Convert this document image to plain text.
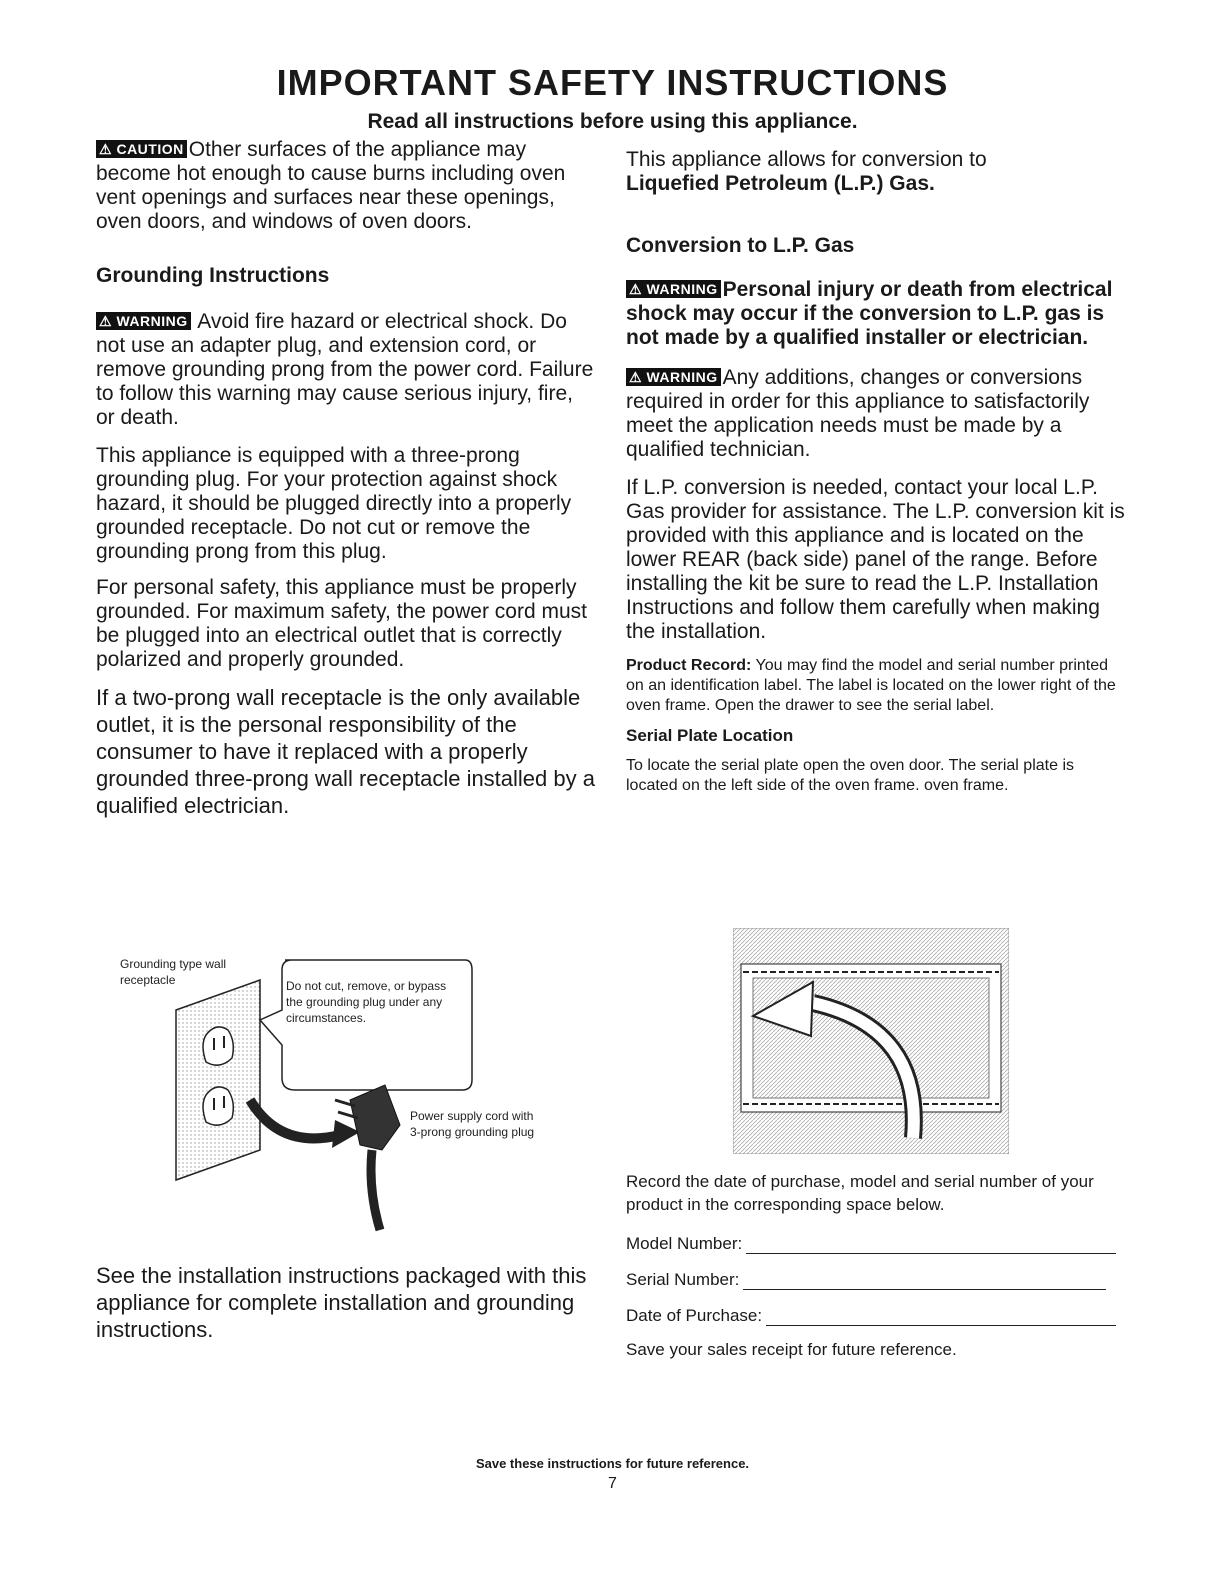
IMPORTANT SAFETY INSTRUCTIONS
Read all instructions before using this appliance.

⚠ CAUTION Other surfaces of the appliance may become hot enough to cause burns including oven vent openings and surfaces near these openings, oven doors, and windows of oven doors.

Grounding Instructions

⚠ WARNING Avoid fire hazard or electrical shock. Do not use an adapter plug, and extension cord, or remove grounding prong from the power cord. Failure to follow this warning may cause serious injury, fire, or death.

This appliance is equipped with a three-prong grounding plug. For your protection against shock hazard, it should be plugged directly into a properly grounded receptacle. Do not cut or remove the grounding prong from this plug.

For personal safety, this appliance must be properly grounded. For maximum safety, the power cord must be plugged into an electrical outlet that is correctly polarized and properly grounded.

If a two-prong wall receptacle is the only available outlet, it is the personal responsibility of the consumer to have it replaced with a properly grounded three-prong wall receptacle installed by a qualified electrician.

Grounding type wall receptacle	Do not cut, remove, or bypass the grounding plug under any circumstances.
Power supply cord with 3-prong grounding plug

See the installation instructions packaged with this appliance for complete installation and grounding instructions.

This appliance allows for conversion to
Liquefied Petroleum (L.P.) Gas.

Conversion to L.P. Gas

⚠ WARNING Personal injury or death from electrical shock may occur if the conversion to L.P. gas is not made by a qualified installer or electrician.

⚠ WARNING Any additions, changes or conversions required in order for this appliance to satisfactorily meet the application needs must be made by a qualified technician.

If L.P. conversion is needed, contact your local L.P. Gas provider for assistance. The L.P. conversion kit is provided with this appliance and is located on the lower REAR (back side) panel of the range. Before installing the kit be sure to read the L.P. Installation Instructions and follow them carefully when making the installation.

Product Record: You may find the model and serial number printed on an identification label. The label is located on the lower right of the oven frame. Open the drawer to see the serial label.

Serial Plate Location

To locate the serial plate open the oven door. The serial plate is located on the left side of the oven frame. oven frame.

Record the date of purchase, model and serial number of your product in the corresponding space below.

Model Number:
Serial Number:
Date of Purchase:

Save your sales receipt for future reference.

Save these instructions for future reference.
7
